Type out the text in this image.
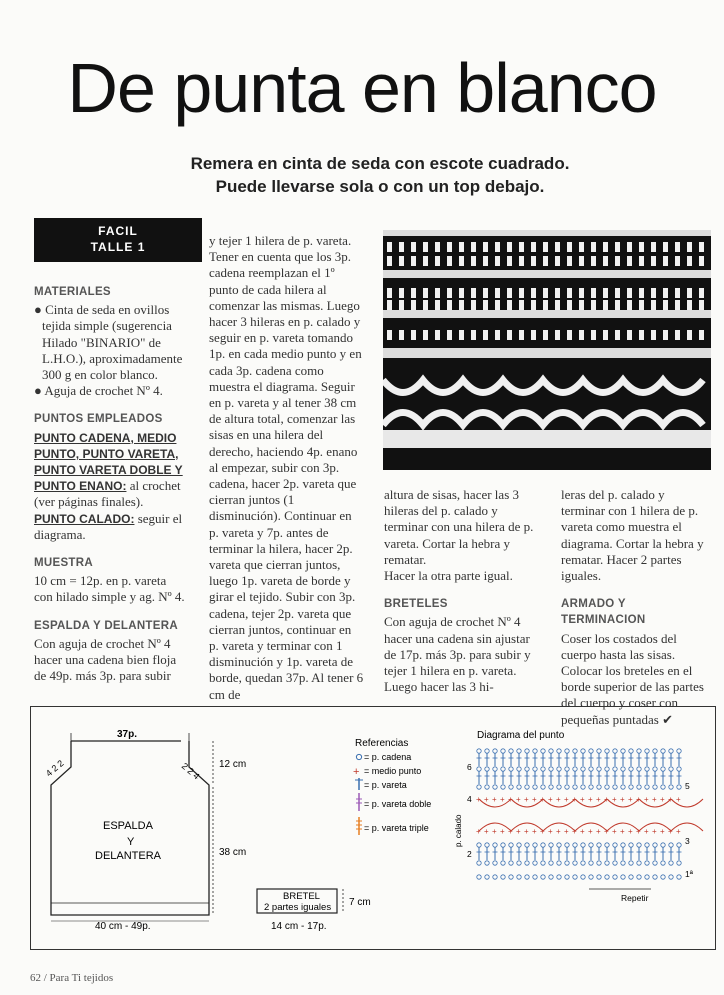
De punta en blanco
Remera en cinta de seda con escote cuadrado.
Puede llevarse sola o con un top debajo.
FACIL
TALLE 1

MATERIALES

● Cinta de seda en ovillos tejida simple (sugerencia Hilado "BINARIO" de L.H.O.), aproximadamente 300 g en color blanco.

● Aguja de crochet Nº 4.

PUNTOS EMPLEADOS

PUNTO CADENA, MEDIO PUNTO, PUNTO VARETA, PUNTO VARETA DOBLE Y PUNTO ENANO: al crochet (ver páginas finales).

PUNTO CALADO: seguir el diagrama.

MUESTRA

10 cm = 12p. en p. vareta con hilado simple y ag. Nº 4.

ESPALDA Y DELANTERA

Con aguja de crochet Nº 4 hacer una cadena bien floja de 49p. más 3p. para subir

y tejer 1 hilera de p. vareta. Tener en cuenta que los 3p. cadena reemplazan el 1º punto de cada hilera al comenzar las mismas. Luego hacer 3 hileras en p. calado y seguir en p. vareta tomando 1p. en cada medio punto y en cada 3p. cadena como muestra el diagrama. Seguir en p. vareta y al tener 38 cm de altura total, comenzar las sisas en una hilera del derecho, haciendo 4p. enano al empezar, subir con 3p. cadena, hacer 2p. vareta que cierran juntos (1 disminución). Continuar en p. vareta y 7p. antes de terminar la hilera, hacer 2p. vareta que cierran juntos, luego 1p. vareta de borde y girar el tejido. Subir con 3p. cadena, tejer 2p. vareta que cierran juntos, continuar en p. vareta y terminar con 1 disminución y 1p. vareta de borde, quedan 37p. Al tener 6 cm de

altura de sisas, hacer las 3 hileras del p. calado y terminar con una hilera de p. vareta. Cortar la hebra y rematar.

Hacer la otra parte igual.

BRETELES

Con aguja de crochet Nº 4 hacer una cadena sin ajustar de 17p. más 3p. para subir y tejer 1 hilera en p. vareta. Luego hacer las 3 hi-

leras del p. calado y terminar con 1 hilera de p. vareta como muestra el diagrama. Cortar la hebra y rematar. Hacer 2 partes iguales.

ARMADO Y TERMINACION

Coser los costados del cuerpo hasta las sisas. Colocar los breteles en el borde superior de las partes del cuerpo y coser con pequeñas puntadas ✔

37p.
4 2 2	2 2 4
ESPALDA
Y
DELANTERA
12 cm
38 cm
40 cm - 49p.
BRETEL
2 partes iguales 7 cm
14 cm - 17p.
Referencias
+
= p. cadena
= medio punto
= p. vareta
= p. vareta doble
= p. vareta triple
Diagrama del punto
+ + + + + + + + + + + + + + + + + + + + + + + + + +
+ + + + + + + + + + + + + + + + + + + + + + + + + +
6
4
2
5
3
1ª
p. calado
Repetir
62 / Para Ti tejidos
